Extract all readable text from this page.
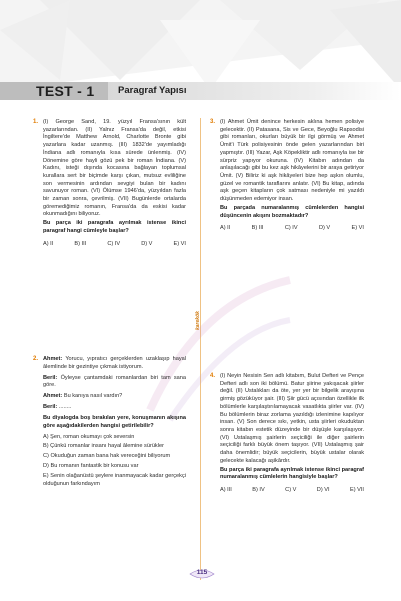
TEST - 1 Paragraf Yapısı
karekök
1. (I) George Sand, 19. yüzyıl Fransa'sının kült yazarlarından. (II) Yalnız Fransa'da değil, etkisi İngiltere'de Matthew Arnold, Charlotte Bronte gibi yazarlara kadar uzanmış. (III) 1832'de yayımladığı İndiana adlı romanıyla kısa sürede ünlenmiş. (IV) Dönemine göre hayli gözü pek bir roman İndiana. (V) Kadını, isteği dışında kocasına bağlayan toplumsal kurallara sert bir biçimde karşı çıkan, mutsuz evliliğine son vermesinin ardından sevgiyi bulan bir kadını savunuyor roman. (VI) Ölümse 1946'da, yüzyıldan fazla bir zaman sonra, çevrilmiş. (VII) Bugünlerde ortalarda göremediğimiz romanın, Fransa'da da eskisi kadar okunmadığını biliyoruz.

Bu parça iki paragrafa ayrılmak istense ikinci paragraf hangi cümleyle başlar?

A) II	B) III	C) IV	D) V	E) VI
3. (I) Ahmet Ümit denince herkesin aklına hemen polisiye gelecektir. (II) Patasana, Sis ve Gece, Beyoğlu Rapsodisi gibi romanları, okurları büyük bir ilgi görmüş ve Ahmet Ümit'i Türk polisiyesinin önde gelen yazarlarından biri yapmıştır. (III) Yazar, Aşk Köpekliktir adlı romanıyla ise bir sürpriz yapıyor okuruna. (IV) Kitabın adından da anlaşılacağı gibi bu kez aşk hikâyelerini bir araya getiriyor Ümit. (V) Biliriz ki aşk hikâyeleri bize hep aşkın olumlu, güzel ve romantik taraflarını anlatır. (VI) Bu kitap, adında aşk geçen kitapların çok satması nedeniyle mi yazıldı düşünmeden edemiyor insan.

Bu parçada numaralanmış cümlelerden hangisi düşüncenin akışını bozmaktadır?

A) II	B) III	C) IV	D) V	E) VI
2. Ahmet: Yorucu, yıpratıcı gerçeklerden uzaklaşıp hayal âlemlinde bir gezintiye çıkmak istiyorum.

Beril: Öyleyse çantamdaki romanlardan biri tam sana göre.

Ahmet: Bu kanıya nasıl vardın?

Beril: ........

Bu diyalogda boş bırakılan yere, konuşmanın akışına göre aşağıdakilerden hangisi getirilebilir?

A) Şen, roman okumayı çok seversin

B) Çünkü romanlar insanı hayal âlemine sürükler

C) Okuduğun zaman bana hak vereceğini biliyorum

D) Bu romanın fantastik bir konusu var

E) Senin olağanüstü şeylere inanmayacak kadar gerçekçi olduğunun farkındayım

4. (I) Neyin Nesisin Sen adlı kitabım, Bulut Defteri ve Pençe Defteri adlı son iki bölümü. Batur şiirine yakışacak şiirler değil. (II) Ustalıkları da öte, yer yer bir bilgelik arayışına girmiş gözüküyor şair. (III) Şiir gücü açısından özellikle ilk bölümlerle karşılaştırılamayacak vasatlıkta şiirler var. (IV) Bu bölümlerin biraz zorlama yazıldığı izlenimine kapılıyor insan. (V) Son derece sıkı, yetkin, usta şiirleri okuduktan sonra kitabın estetik düzeyinde bir düşüşle karşılaşıyor. (VI) Ustalaşmış şairlerin seçiciliği ile diğer şairlerin seçiciliği farklı büyük önem taşıyor. (VII) Ustalaşmış şair daha önemlidir; büyük seçicilerin, büyük ustalar olarak gelecekte kalacağı aşikârdır.

Bu parça iki paragrafa ayrılmak istense ikinci paragraf numaralanmış cümlelerin hangisiyle başlar?

A) III	B) IV	C) V	D) VI	E) VII
115
